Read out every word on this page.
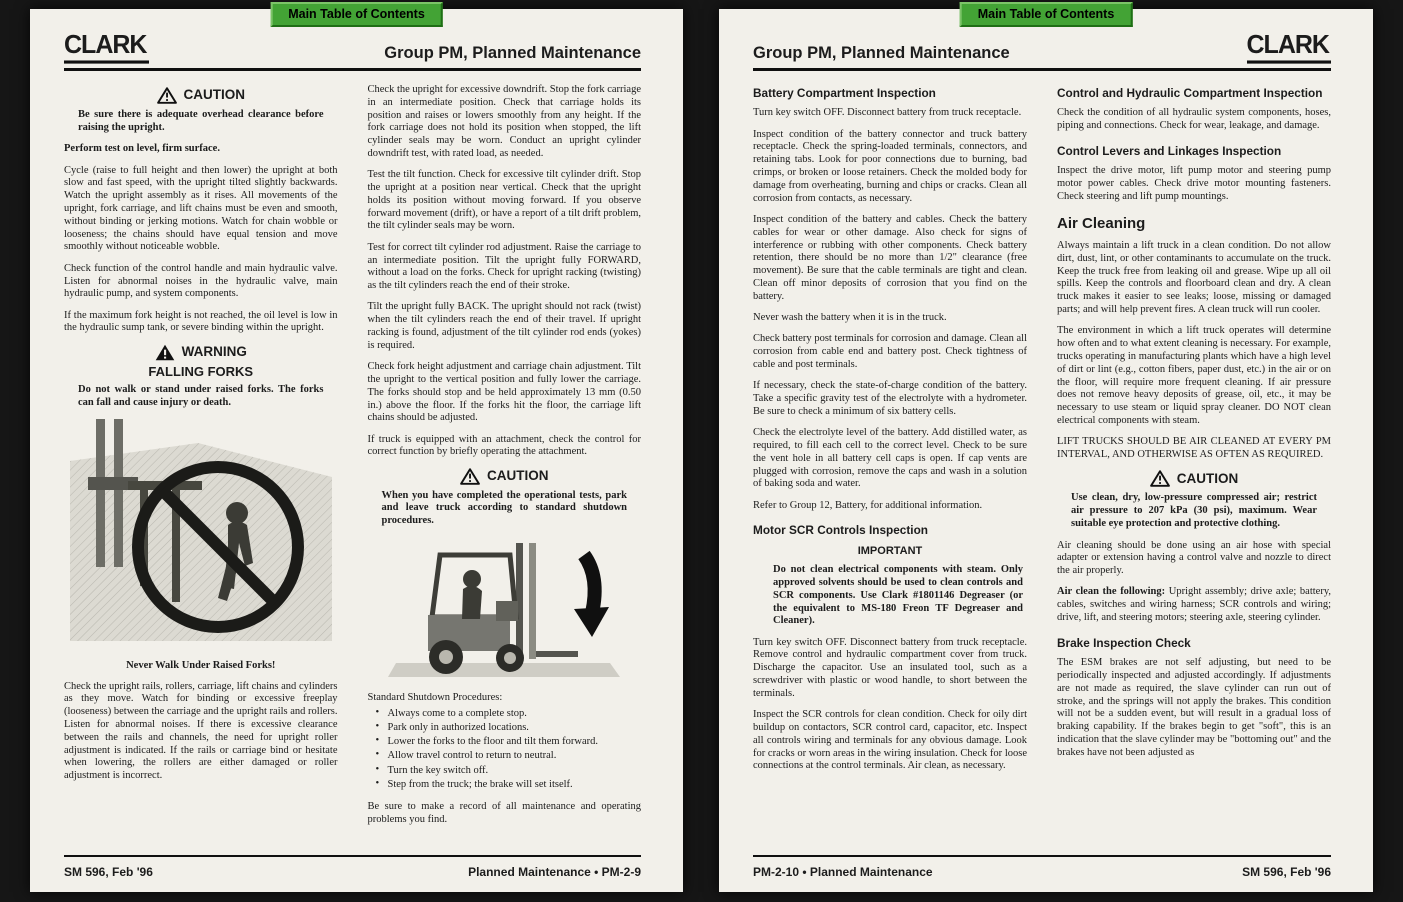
Main Table of Contents
CLARK	Group PM, Planned Maintenance
CAUTION

Be sure there is adequate overhead clearance before raising the upright.

Perform test on level, firm surface.

Cycle (raise to full height and then lower) the upright at both slow and fast speed, with the upright tilted slightly backwards. Watch the upright assembly as it rises. All movements of the upright, fork carriage, and lift chains must be even and smooth, without binding or jerking motions. Watch for chain wobble or looseness; the chains should have equal tension and move smoothly without noticeable wobble.

Check function of the control handle and main hydraulic valve. Listen for abnormal noises in the hydraulic valve, main hydraulic pump, and system components.

If the maximum fork height is not reached, the oil level is low in the hydraulic sump tank, or severe binding within the upright.

WARNING
FALLING FORKS

Do not walk or stand under raised forks. The forks can fall and cause injury or death.

Never Walk Under Raised Forks!

Check the upright rails, rollers, carriage, lift chains and cylinders as they move. Watch for binding or excessive freeplay (looseness) between the carriage and the upright rails and rollers. Listen for abnormal noises. If there is excessive clearance between the rails and channels, the need for upright roller adjustment is indicated. If the rails or carriage bind or hesitate when lowering, the rollers are either damaged or roller adjustment is incorrect.

Check the upright for excessive downdrift. Stop the fork carriage in an intermediate position. Check that carriage holds its position and raises or lowers smoothly from any height. If the fork carriage does not hold its position when stopped, the lift cylinder seals may be worn. Conduct an upright cylinder downdrift test, with rated load, as needed.

Test the tilt function. Check for excessive tilt cylinder drift. Stop the upright at a position near vertical. Check that the upright holds its position without moving forward. If you observe forward movement (drift), or have a report of a tilt drift problem, the tilt cylinder seals may be worn.

Test for correct tilt cylinder rod adjustment. Raise the carriage to an intermediate position. Tilt the upright fully FORWARD, without a load on the forks. Check for upright racking (twisting) as the tilt cylinders reach the end of their stroke.

Tilt the upright fully BACK. The upright should not rack (twist) when the tilt cylinders reach the end of their travel. If upright racking is found, adjustment of the tilt cylinder rod ends (yokes) is required.

Check fork height adjustment and carriage chain adjustment. Tilt the upright to the vertical position and fully lower the carriage. The forks should stop and be held approximately 13 mm (0.50 in.) above the floor. If the forks hit the floor, the carriage lift chains should be adjusted.

If truck is equipped with an attachment, check the control for correct function by briefly operating the attachment.

CAUTION

When you have completed the operational tests, park and leave truck according to standard shutdown procedures.

Standard Shutdown Procedures:

• Always come to a complete stop.
• Park only in authorized locations.
• Lower the forks to the floor and tilt them forward.
• Allow travel control to return to neutral.
• Turn the key switch off.
• Step from the truck; the brake will set itself.

Be sure to make a record of all maintenance and operating problems you find.

SM 596, Feb '96	Planned Maintenance • PM-2-9
Main Table of Contents
Group PM, Planned Maintenance	CLARK
Battery Compartment Inspection

Turn key switch OFF. Disconnect battery from truck receptacle.

Inspect condition of the battery connector and truck battery receptacle. Check the spring-loaded terminals, connectors, and retaining tabs. Look for poor connections due to burning, bad crimps, or broken or loose retainers. Check the molded body for damage from overheating, burning and chips or cracks. Clean all corrosion from contacts, as necessary.

Inspect condition of the battery and cables. Check the battery cables for wear or other damage. Also check for signs of interference or rubbing with other components. Check battery retention, there should be no more than 1/2" clearance (free movement). Be sure that the cable terminals are tight and clean. Clean off minor deposits of corrosion that you find on the battery.

Never wash the battery when it is in the truck.

Check battery post terminals for corrosion and damage. Clean all corrosion from cable end and battery post. Check tightness of cable and post terminals.

If necessary, check the state-of-charge condition of the battery. Take a specific gravity test of the electrolyte with a hydrometer. Be sure to check a minimum of six battery cells.

Check the electrolyte level of the battery. Add distilled water, as required, to fill each cell to the correct level. Check to be sure the vent hole in all battery cell caps is open. If cap vents are plugged with corrosion, remove the caps and wash in a solution of baking soda and water.

Refer to Group 12, Battery, for additional information.

Motor SCR Controls Inspection
IMPORTANT

Do not clean electrical components with steam. Only approved solvents should be used to clean controls and SCR components. Use Clark #1801146 Degreaser (or the equivalent to MS-180 Freon TF Degreaser and Cleaner).

Turn key switch OFF. Disconnect battery from truck receptacle. Remove control and hydraulic compartment cover from truck. Discharge the capacitor. Use an insulated tool, such as a screwdriver with plastic or wood handle, to short between the terminals.

Inspect the SCR controls for clean condition. Check for oily dirt buildup on contactors, SCR control card, capacitor, etc. Inspect all controls wiring and terminals for any obvious damage. Look for cracks or worn areas in the wiring insulation. Check for loose connections at the control terminals. Air clean, as necessary.

Control and Hydraulic Compartment Inspection

Check the condition of all hydraulic system components, hoses, piping and connections. Check for wear, leakage, and damage.

Control Levers and Linkages Inspection

Inspect the drive motor, lift pump motor and steering pump motor power cables. Check drive motor mounting fasteners. Check steering and lift pump mountings.

Air Cleaning

Always maintain a lift truck in a clean condition. Do not allow dirt, dust, lint, or other contaminants to accumulate on the truck. Keep the truck free from leaking oil and grease. Wipe up all oil spills. Keep the controls and floorboard clean and dry. A clean truck makes it easier to see leaks; loose, missing or damaged parts; and will help prevent fires. A clean truck will run cooler.

The environment in which a lift truck operates will determine how often and to what extent cleaning is necessary. For example, trucks operating in manufacturing plants which have a high level of dirt or lint (e.g., cotton fibers, paper dust, etc.) in the air or on the floor, will require more frequent cleaning. If air pressure does not remove heavy deposits of grease, oil, etc., it may be necessary to use steam or liquid spray cleaner. DO NOT clean electrical components with steam.

LIFT TRUCKS SHOULD BE AIR CLEANED AT EVERY PM INTERVAL, AND OTHERWISE AS OFTEN AS REQUIRED.

CAUTION

Use clean, dry, low-pressure compressed air; restrict air pressure to 207 kPa (30 psi), maximum. Wear suitable eye protection and protective clothing.

Air cleaning should be done using an air hose with special adapter or extension having a control valve and nozzle to direct the air properly.

Air clean the following: Upright assembly; drive axle; battery, cables, switches and wiring harness; SCR controls and wiring; drive, lift, and steering motors; steering axle, steering cylinder.

Brake Inspection Check

The ESM brakes are not self adjusting, but need to be periodically inspected and adjusted accordingly. If adjustments are not made as required, the slave cylinder can run out of stroke, and the springs will not apply the brakes. This condition will not be a sudden event, but will result in a gradual loss of braking capability. If the brakes begin to get "soft", this is an indication that the slave cylinder may be "bottoming out" and the brakes have not been adjusted as

PM-2-10 • Planned Maintenance	SM 596, Feb '96
